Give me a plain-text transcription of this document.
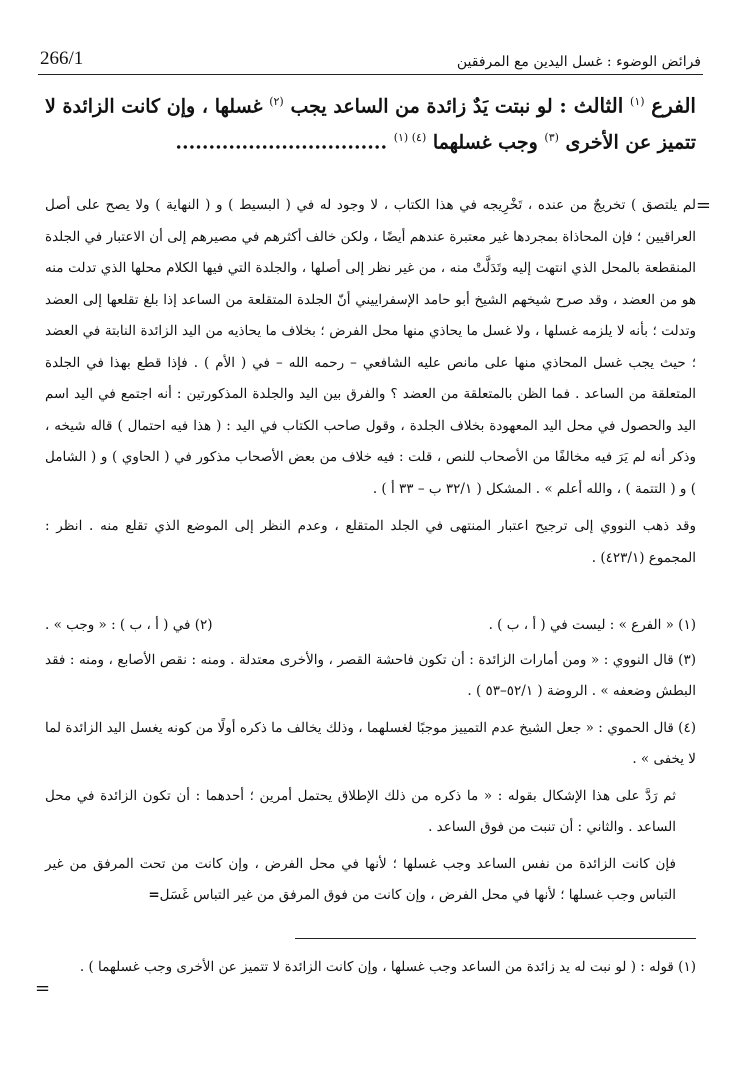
266/1	فرائض الوضوء : غسل اليدين مع المرفقين
الفرع $^{(١)}$ الثالث : لو نبتت يَدٌ زائدة من الساعد يجب $^{(٢)}$ غسلها ، وإن كانت الزائدة لا تتميز عن الأخرى $^{(٣)}$ وجب غسلهما $^{(٤) (١)}$ ................................
=

لم يلتصق ) تخريجٌ من عنده ، تَخْرِيجه في هذا الكتاب ، لا وجود له في ( البسيط ) و ( النهاية ) ولا يصح على أصل العراقيين ؛ فإن المحاذاة بمجردها غير معتبرة عندهم أيضًا ، ولكن خالف أكثرهم في مصيرهم إلى أن الاعتبار في الجلدة المنقطعة بالمحل الذي انتهت إليه وتَدَلَّتْ منه ، من غير نظر إلى أصلها ، والجلدة التي فيها الكلام محلها الذي تدلت منه هو من العضد ، وقد صرح شيخهم الشيخ أبو حامد الإسفراييني أنّ الجلدة المتقلعة من الساعد إذا بلغ تقلعها إلى العضد وتدلت ؛ بأنه لا يلزمه غسلها ، ولا غسل ما يحاذي منها محل الفرض ؛ بخلاف ما يحاذيه من اليد الزائدة النابتة في العضد ؛ حيث يجب غسل المحاذي منها على مانص عليه الشافعي – رحمه الله – في ( الأم ) . فإذا قطع بهذا في الجلدة المتعلقة من الساعد . فما الظن بالمتعلقة من العضد ؟ والفرق بين اليد والجلدة المذكورتين : أنه اجتمع في اليد اسم اليد والحصول في محل اليد المعهودة بخلاف الجلدة ، وقول صاحب الكتاب في اليد : ( هذا فيه احتمال ) قاله شيخه ، وذكر أنه لم يَرَ فيه مخالفًا من الأصحاب للنص ، قلت : فيه خلاف من بعض الأصحاب مذكور في ( الحاوي ) و ( الشامل ) و ( التتمة ) ، والله أعلم » . المشكل ( ٣٢/١ ب – ٣٣ أ ) .

وقد ذهب النووي إلى ترجيح اعتبار المنتهى في الجلد المتقلع ، وعدم النظر إلى الموضع الذي تقلع منه . انظر : المجموع (٤٢٣/١) .

(١) « الفرع » : ليست في ( أ ، ب ) .
(٢) في ( أ ، ب ) : « وجب » .

(٣) قال النووي : « ومن أمارات الزائدة : أن تكون فاحشة القصر ، والأخرى معتدلة . ومنه : نقص الأصابع ، ومنه : فقد البطش وضعفه » . الروضة ( ٥٢/١–٥٣ ) .

(٤) قال الحموي : « جعل الشيخ عدم التمييز موجبًا لغسلهما ، وذلك يخالف ما ذكره أولًا من كونه يغسل اليد الزائدة لما لا يخفى » .

ثم رَدَّ على هذا الإشكال بقوله : « ما ذكره من ذلك الإطلاق يحتمل أمرين ؛ أحدهما : أن تكون الزائدة في محل الساعد . والثاني : أن تنبت من فوق الساعد .

فإن كانت الزائدة من نفس الساعد وجب غسلها ؛ لأنها في محل الفرض ، وإن كانت من تحت المرفق من غير التباس وجب غسلها ؛ لأنها في محل الفرض ، وإن كانت من فوق المرفق من غير التباس غَسَل=

(١) قوله : ( لو نبت له يد زائدة من الساعد وجب غسلها ، وإن كانت الزائدة لا تتميز عن الأخرى وجب غسلهما ) .
=
